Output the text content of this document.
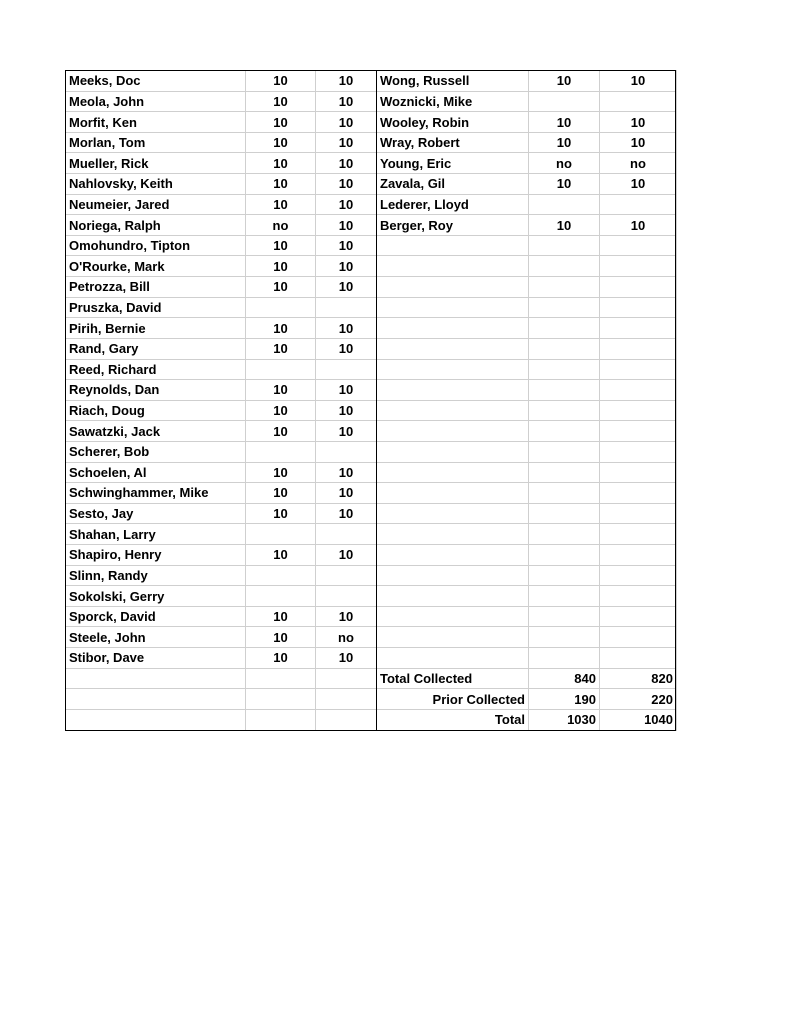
Meeks, Doc	10	10	Wong, Russell	10	10
Meola, John	10	10	Woznicki, Mike		
Morfit, Ken	10	10	Wooley, Robin	10	10
Morlan, Tom	10	10	Wray, Robert	10	10
Mueller, Rick	10	10	Young, Eric	no	no
Nahlovsky, Keith	10	10	Zavala, Gil	10	10
Neumeier, Jared	10	10	Lederer, Lloyd		
Noriega, Ralph	no	10	Berger, Roy	10	10
Omohundro, Tipton	10	10			
O'Rourke, Mark	10	10			
Petrozza, Bill	10	10			
Pruszka, David					
Pirih, Bernie	10	10			
Rand, Gary	10	10			
Reed, Richard					
Reynolds, Dan	10	10			
Riach, Doug	10	10			
Sawatzki, Jack	10	10			
Scherer, Bob					
Schoelen, Al	10	10			
Schwinghammer, Mike	10	10			
Sesto, Jay	10	10			
Shahan, Larry					
Shapiro, Henry	10	10			
Slinn, Randy					
Sokolski, Gerry					
Sporck, David	10	10			
Steele, John	10	no			
Stibor, Dave	10	10			
			Total Collected	840	820
			Prior Collected	190	220
			Total	1030	1040
